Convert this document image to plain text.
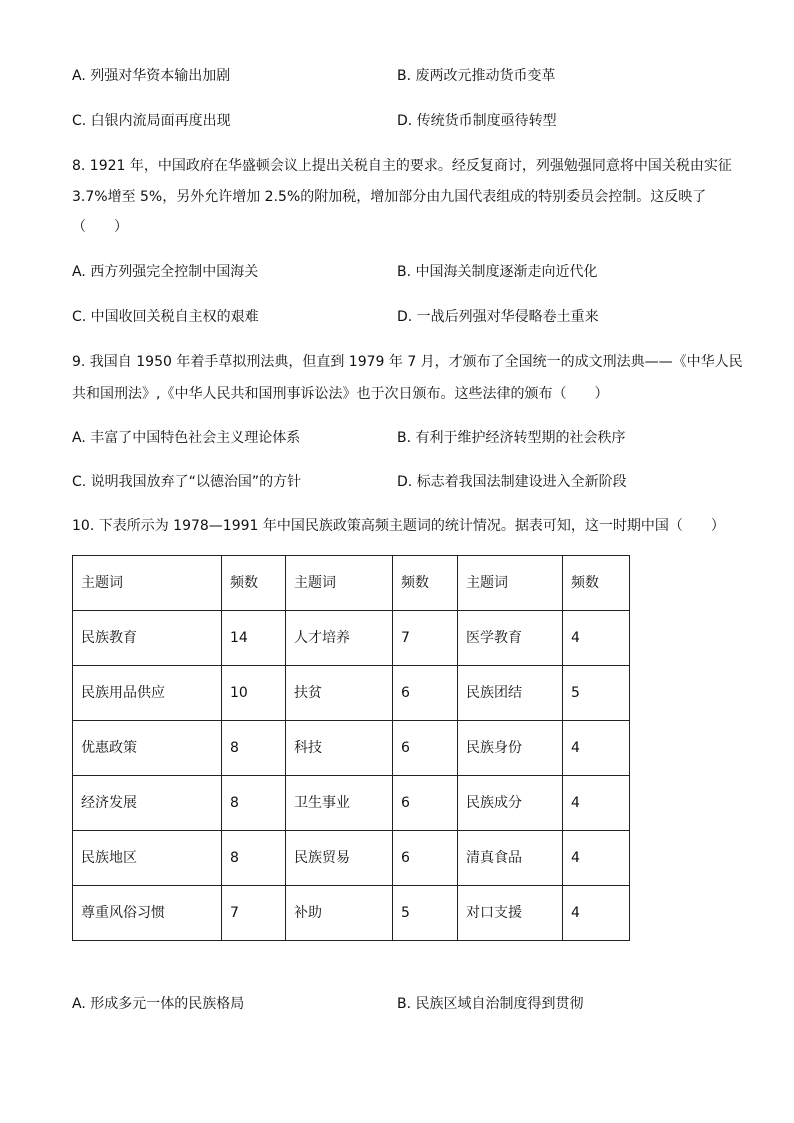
A. 列强对华资本输出加剧	B. 废两改元推动货币变革
C. 白银内流局面再度出现	D. 传统货币制度亟待转型
8. 1921 年，中国政府在华盛顿会议上提出关税自主的要求。经反复商讨，列强勉强同意将中国关税由实征
3.7%增至 5%，另外允许增加 2.5%的附加税，增加部分由九国代表组成的特别委员会控制。这反映了
（　　）
A. 西方列强完全控制中国海关	B. 中国海关制度逐渐走向近代化
C. 中国收回关税自主权的艰难	D. 一战后列强对华侵略卷土重来
9. 我国自 1950 年着手草拟刑法典，但直到 1979 年 7 月，才颁布了全国统一的成文刑法典——《中华人民
共和国刑法》,《中华人民共和国刑事诉讼法》也于次日颁布。这些法律的颁布（　　）
A. 丰富了中国特色社会主义理论体系	B. 有利于维护经济转型期的社会秩序
C. 说明我国放弃了“以德治国”的方针	D. 标志着我国法制建设进入全新阶段
10. 下表所示为 1978—1991 年中国民族政策高频主题词的统计情况。据表可知，这一时期中国（　　）
主题词	频数	主题词	频数	主题词	频数
民族教育	14	人才培养	7	医学教育	4
民族用品供应	10	扶贫	6	民族团结	5
优惠政策	8	科技	6	民族身份	4
经济发展	8	卫生事业	6	民族成分	4
民族地区	8	民族贸易	6	清真食品	4
尊重风俗习惯	7	补助	5	对口支援	4
A. 形成多元一体的民族格局	B. 民族区域自治制度得到贯彻
